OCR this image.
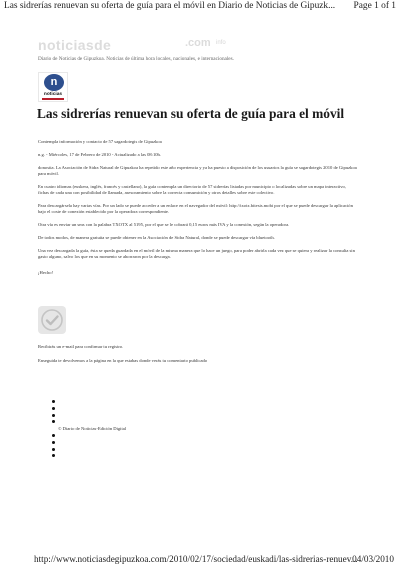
Las sidrerías renuevan su oferta de guía para el móvil en Diario de Noticias de Gipuzk... Page 1 of 1
noticiasde	.com info
Diario de Noticias de Gipuzkoa. Noticias de última hora locales, nacionales, e internacionales.
n
noticias
Las sidrerías renuevan su oferta de guía para el móvil

Contempla información y contacto de 57 sagardotegis de Gipuzkoa

n.g. - Miércoles, 17 de Febrero de 2010 - Actualizado a las 08:10h.

donostia. La Asociación de Sidra Natural de Gipuzkoa ha repetido este año experiencia y ya ha puesto a disposición de los usuarios la guía se sagardotegis 2010 de Gipuzkoa para móvil.

En cuatro idiomas (euskera, inglés, francés y castellano), la guía contempla un directorio de 57 sidrerías listadas por municipio o localizadas sobre un mapa interactivo, fichas de cada una con posibilidad de llamada, asesoramiento sobre la correcta consumición y otros detalles sobre este colectivo.

Para descargársela hay varias vías. Por un lado se puede acceder a un enlace en el navegador del móvil: http://txotx.bitesis.mobi por el que se puede descargar la aplicación bajo el coste de conexión establecido por la operadora correspondiente.

Otra vía es enviar un sms con la palabra TXOTX al 5195, por el que se le cobrará 0,15 euros más IVA y la conexión, según la operadora.

De todos modos, de manera gratuita se puede obtener en la Asociación de Sidra Natural, donde se puede descargar vía bluetooth.

Una vez descargada la guía, ésta se queda guardada en el móvil de la misma manera que lo hace un juego, para poder abrirla cada vez que se quiera y realizar la consulta sin gasto alguno, salvo los que en su momento se ahorraron por la descarga.

¡Hecho!

Recibirás un e-mail para confirmar tu registro.
Enseguida te devolvemos a la página en la que estabas donde verás tu comentario publicado
© Diario de Noticias-Edición Digital
http://www.noticiasdegipuzkoa.com/2010/02/17/sociedad/euskadi/las-sidrerias-renuev...
04/03/2010
